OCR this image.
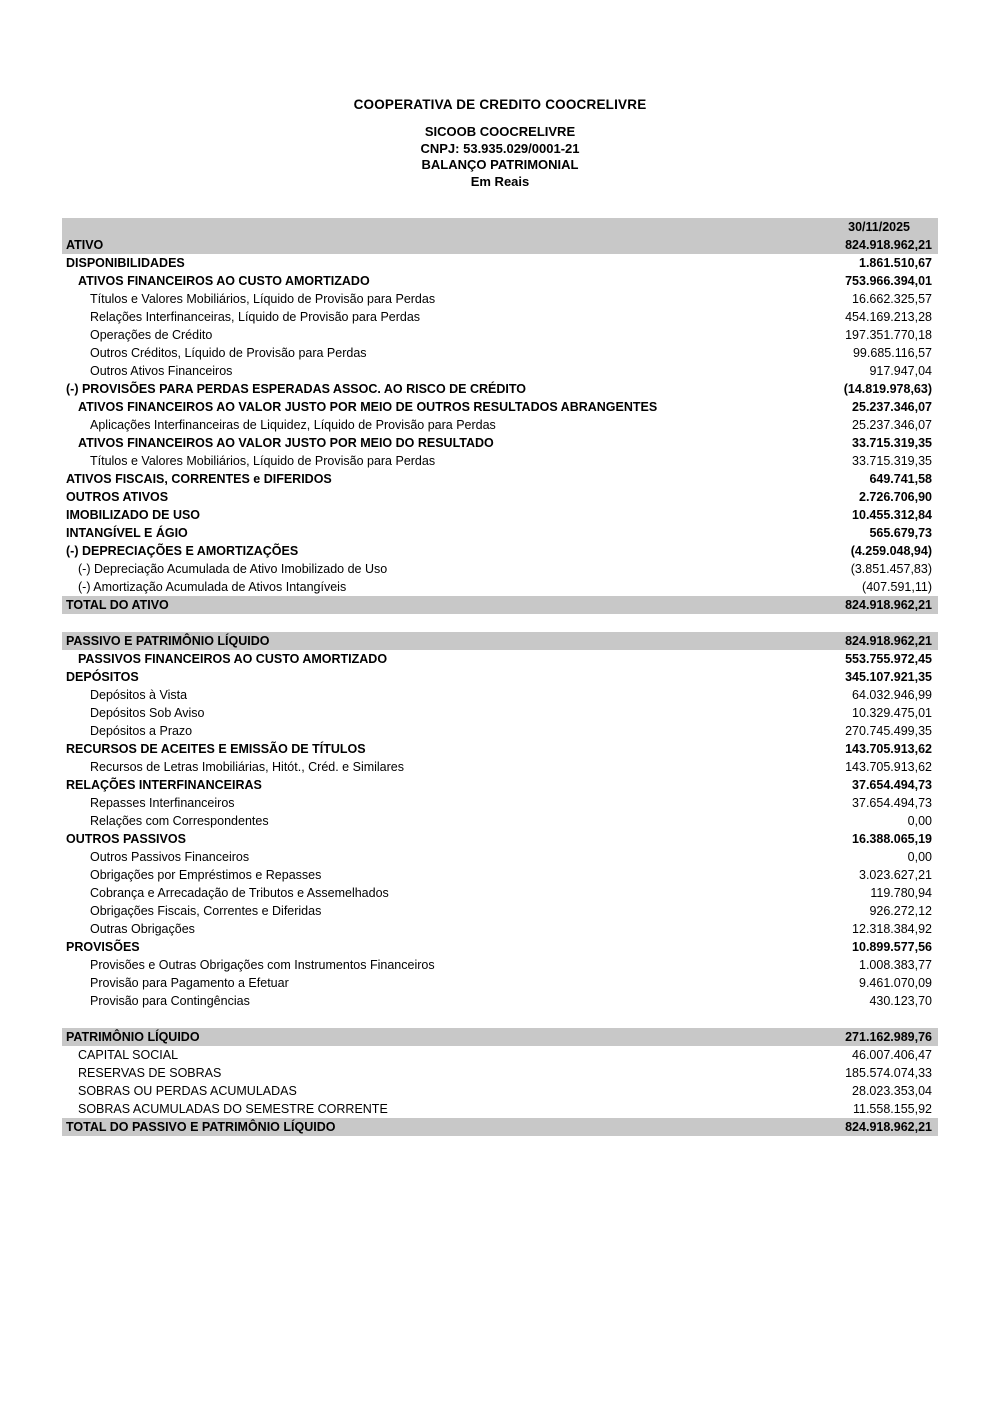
COOPERATIVA DE CREDITO COOCRELIVRE
SICOOB COOCRELIVRE
CNPJ: 53.935.029/0001-21
BALANÇO PATRIMONIAL
Em Reais
30/11/2025
ATIVO	824.918.962,21
DISPONIBILIDADES	1.861.510,67
ATIVOS FINANCEIROS AO CUSTO AMORTIZADO	753.966.394,01
Títulos e Valores Mobiliários, Líquido de Provisão para Perdas	16.662.325,57
Relações Interfinanceiras, Líquido de Provisão para Perdas	454.169.213,28
Operações de Crédito	197.351.770,18
Outros Créditos, Líquido de Provisão para Perdas	99.685.116,57
Outros Ativos Financeiros	917.947,04
(-) PROVISÕES PARA PERDAS ESPERADAS ASSOC. AO RISCO DE CRÉDITO	(14.819.978,63)
ATIVOS FINANCEIROS AO VALOR JUSTO POR MEIO DE OUTROS RESULTADOS ABRANGENTES	25.237.346,07
Aplicações Interfinanceiras de Liquidez, Líquido de Provisão para Perdas	25.237.346,07
ATIVOS FINANCEIROS AO VALOR JUSTO POR MEIO DO RESULTADO	33.715.319,35
Títulos e Valores Mobiliários, Líquido de Provisão para Perdas	33.715.319,35
ATIVOS FISCAIS, CORRENTES e DIFERIDOS	649.741,58
OUTROS ATIVOS	2.726.706,90
IMOBILIZADO DE USO	10.455.312,84
INTANGÍVEL E ÁGIO	565.679,73
(-) DEPRECIAÇÕES E AMORTIZAÇÕES	(4.259.048,94)
(-) Depreciação Acumulada de Ativo Imobilizado de Uso	(3.851.457,83)
(-) Amortização Acumulada de Ativos Intangíveis	(407.591,11)
TOTAL DO ATIVO	824.918.962,21
PASSIVO E PATRIMÔNIO LÍQUIDO	824.918.962,21
PASSIVOS FINANCEIROS AO CUSTO AMORTIZADO	553.755.972,45
DEPÓSITOS	345.107.921,35
Depósitos à Vista	64.032.946,99
Depósitos Sob Aviso	10.329.475,01
Depósitos a Prazo	270.745.499,35
RECURSOS DE ACEITES E EMISSÃO DE TÍTULOS	143.705.913,62
Recursos de Letras Imobiliárias, Hitót., Créd. e Similares	143.705.913,62
RELAÇÕES INTERFINANCEIRAS	37.654.494,73
Repasses Interfinanceiros	37.654.494,73
Relações com Correspondentes	0,00
OUTROS PASSIVOS	16.388.065,19
Outros Passivos Financeiros	0,00
Obrigações por Empréstimos e Repasses	3.023.627,21
Cobrança e Arrecadação de Tributos e Assemelhados	119.780,94
Obrigações Fiscais, Correntes e Diferidas	926.272,12
Outras Obrigações	12.318.384,92
PROVISÕES	10.899.577,56
Provisões e Outras Obrigações com Instrumentos Financeiros	1.008.383,77
Provisão para Pagamento a Efetuar	9.461.070,09
Provisão para Contingências	430.123,70
PATRIMÔNIO LÍQUIDO	271.162.989,76
CAPITAL SOCIAL	46.007.406,47
RESERVAS DE SOBRAS	185.574.074,33
SOBRAS OU PERDAS ACUMULADAS	28.023.353,04
SOBRAS ACUMULADAS DO SEMESTRE CORRENTE	11.558.155,92
TOTAL DO PASSIVO E PATRIMÔNIO LÍQUIDO	824.918.962,21
